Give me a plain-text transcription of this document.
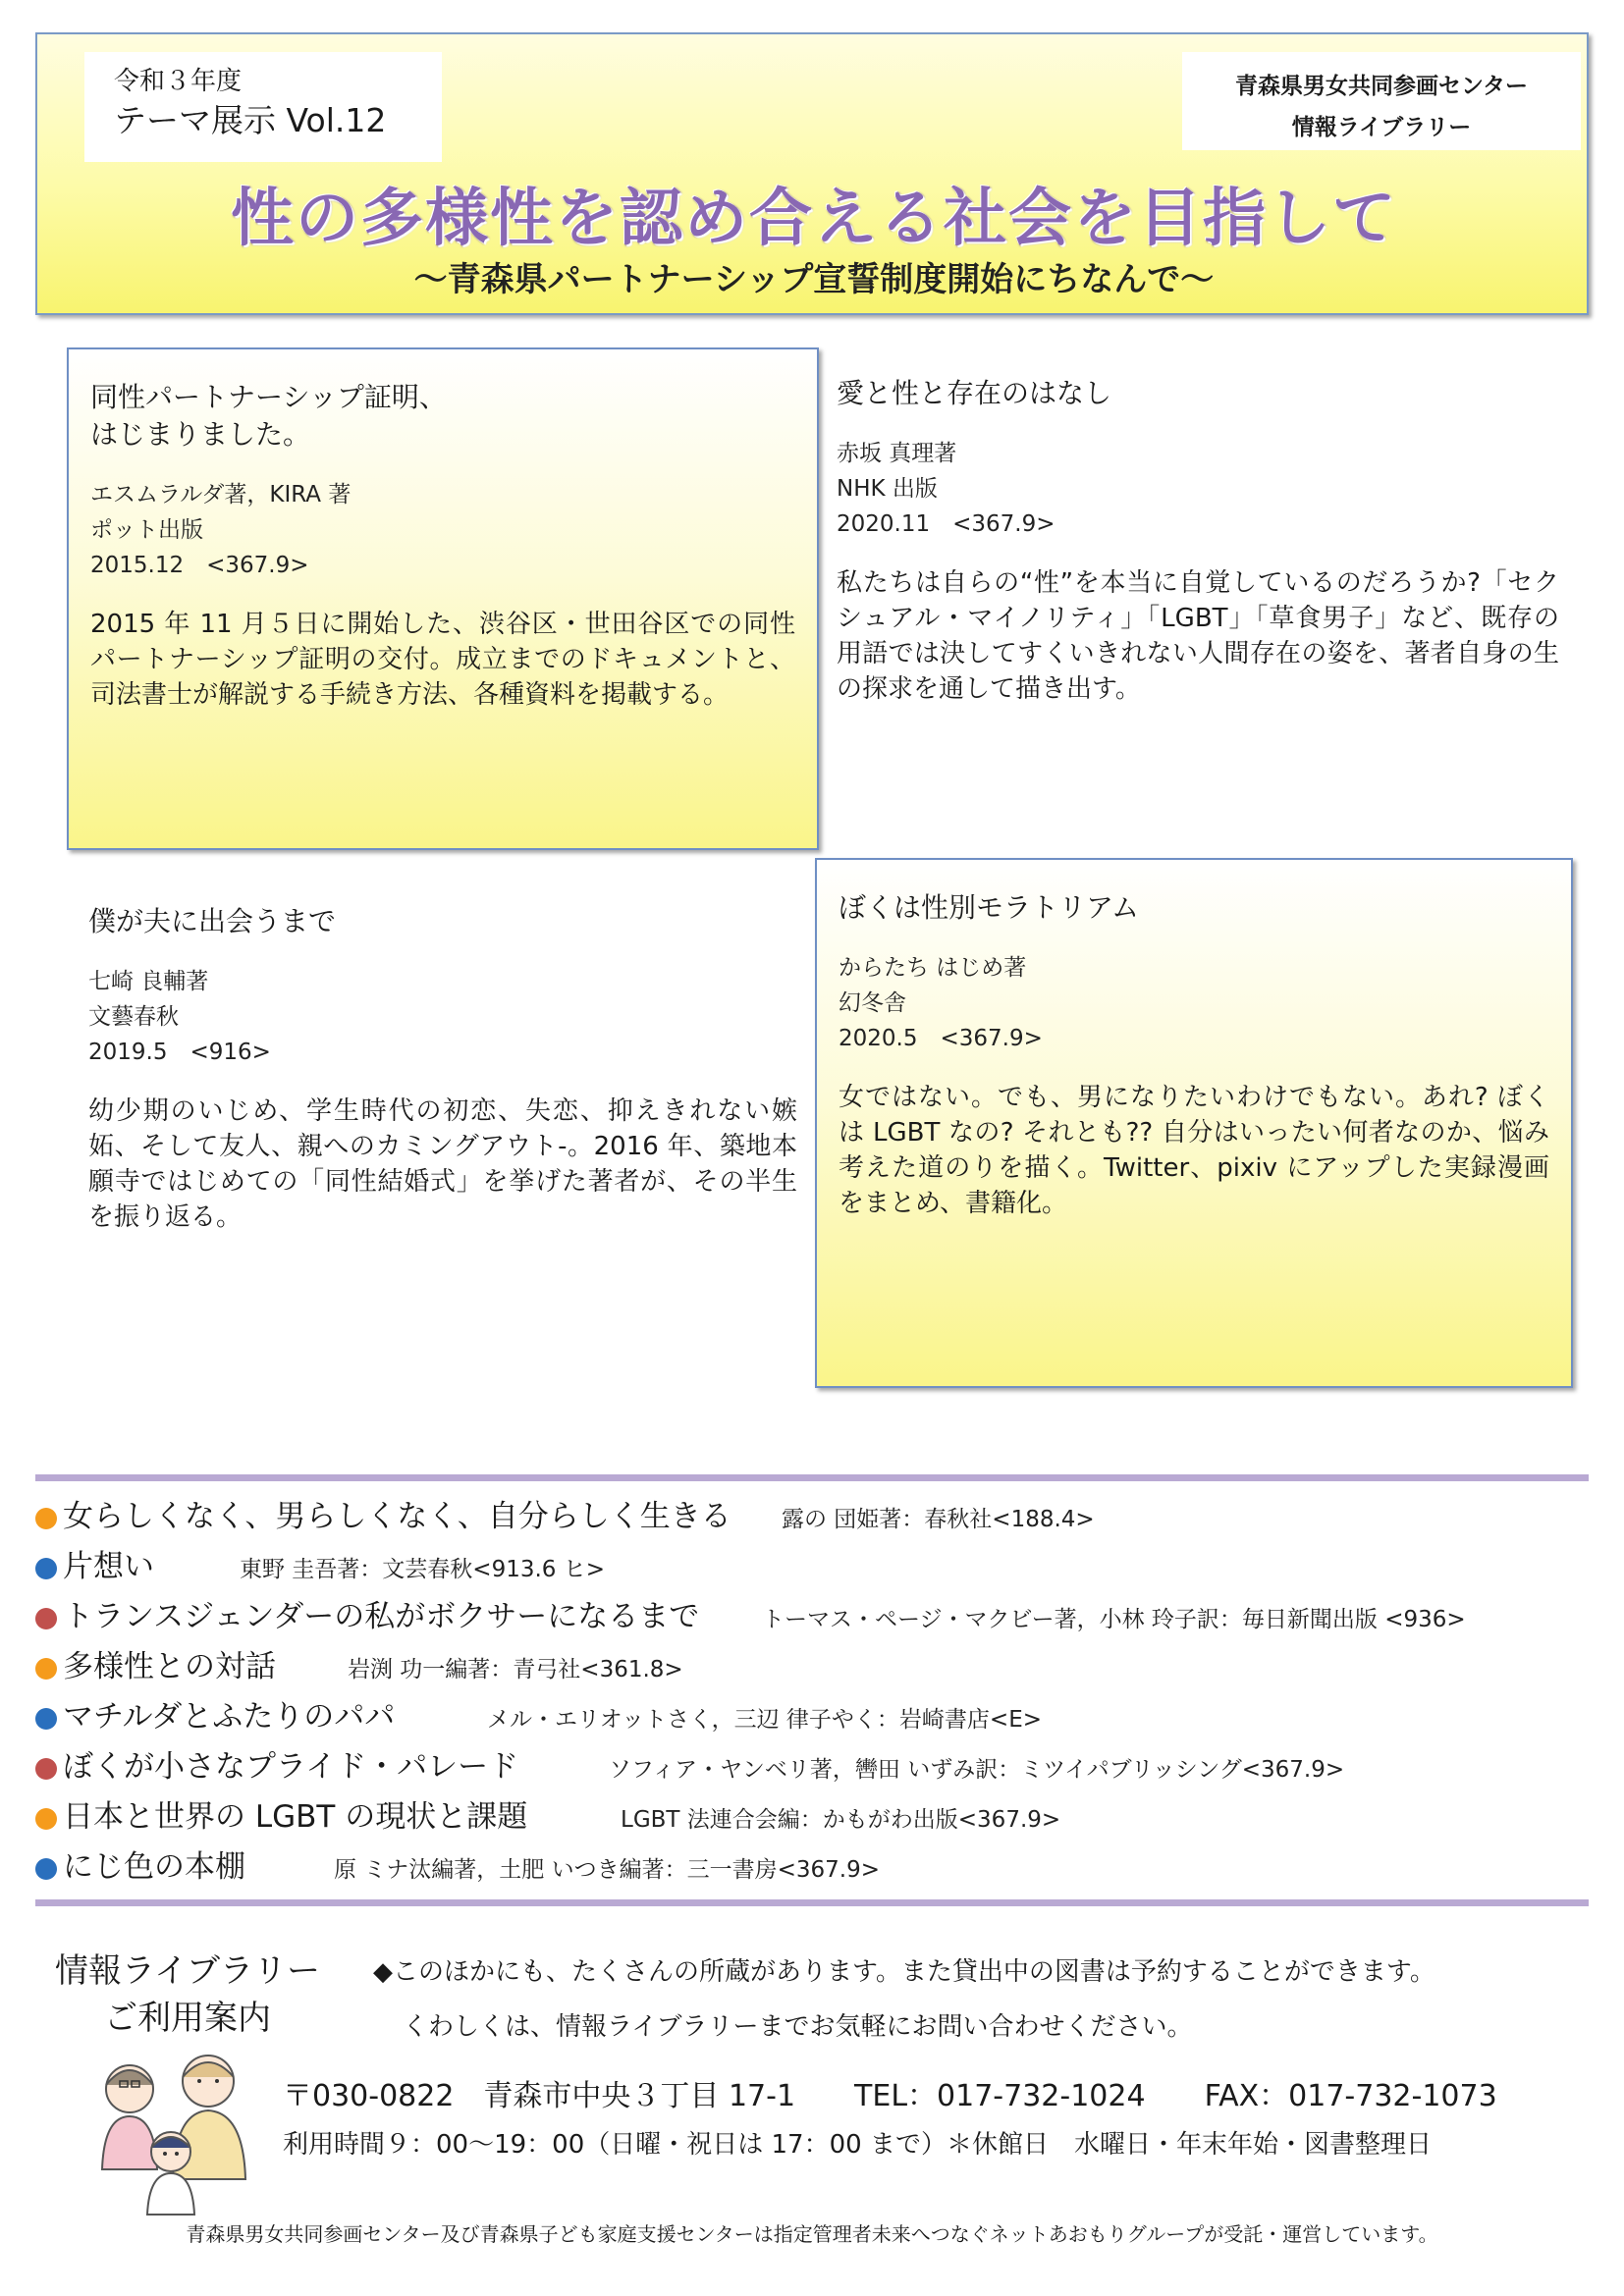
令和３年度
テーマ展示 Vol.12
青森県男女共同参画センター
情報ライブラリー
性の多様性を認め合える社会を目指して
～青森県パートナーシップ宣誓制度開始にちなんで～
同性パートナーシップ証明、
はじまりました。
エスムラルダ著，KIRA 著
ポット出版
2015.12　<367.9>
2015 年 11 月５日に開始した、渋谷区・世田谷区での同性パートナーシップ証明の交付。成立までのドキュメントと、司法書士が解説する手続き方法、各種資料を掲載する。
愛と性と存在のはなし
赤坂 真理著
NHK 出版
2020.11　<367.9>
私たちは自らの“性”を本当に自覚しているのだろうか?「セクシュアル・マイノリティ」「LGBT」「草食男子」など、既存の用語では決してすくいきれない人間存在の姿を、著者自身の生の探求を通して描き出す。
僕が夫に出会うまで
七崎 良輔著
文藝春秋
2019.5　<916>
幼少期のいじめ、学生時代の初恋、失恋、抑えきれない嫉妬、そして友人、親へのカミングアウト-。2016 年、築地本願寺ではじめての「同性結婚式」を挙げた著者が、その半生を振り返る。
ぼくは性別モラトリアム
からたち はじめ著
幻冬舎
2020.5　<367.9>
女ではない。でも、男になりたいわけでもない。あれ? ぼくは LGBT なの? それとも?? 自分はいったい何者なのか、悩み考えた道のりを描く。Twitter、pixiv にアップした実録漫画をまとめ、書籍化。
女らしくなく、男らしくなく、自分らしく生きる 露の 団姫著：春秋社<188.4>
片想い	東野 圭吾著：文芸春秋<913.6 ヒ>
トランスジェンダーの私がボクサーになるまで	トーマス・ページ・マクビー著，小林 玲子訳：毎日新聞出版 <936>
多様性との対話	岩渕 功一編著：青弓社<361.8>
マチルダとふたりのパパ	メル・エリオットさく，三辺 律子やく：岩崎書店<E>
ぼくが小さなプライド・パレード	ソフィア・ヤンベリ著，轡田 いずみ訳：ミツイパブリッシング<367.9>
日本と世界の LGBT の現状と課題	LGBT 法連合会編：かもがわ出版<367.9>
にじ色の本棚	原 ミナ汰編著，土肥 いつき編著：三一書房<367.9>
情報ライブラリー
ご利用案内
◆このほかにも、たくさんの所蔵があります。また貸出中の図書は予約することができます。
くわしくは、情報ライブラリーまでお気軽にお問い合わせください。
〒030-0822　青森市中央３丁目 17-1　　TEL：017-732-1024　　FAX：017-732-1073
利用時間９：00～19：00（日曜・祝日は 17：00 まで）＊休館日　水曜日・年末年始・図書整理日
青森県男女共同参画センター及び青森県子ども家庭支援センターは指定管理者未来へつなぐネットあおもりグループが受託・運営しています。
